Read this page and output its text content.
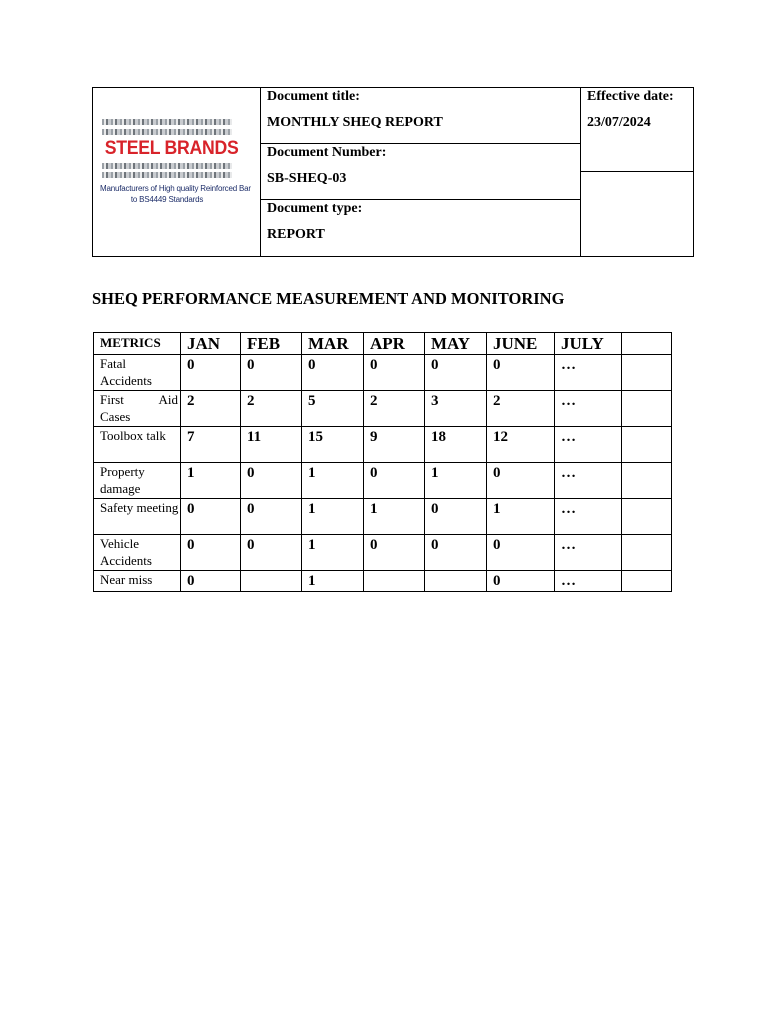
STEEL BRANDS
Manufacturers of High quality Reinforced Bar
to BS4449 Standards
Document title:
MONTHLY SHEQ REPORT
Document Number:
SB-SHEQ-03
Document type:
REPORT
Effective date:
23/07/2024
SHEQ PERFORMANCE MEASUREMENT AND MONITORING
METRICS	JAN	FEB	MAR	APR	MAY	JUNE	JULY	
Fatal Accidents	0	0	0	0	0	0	…	
First Aid Cases	2	2	5	2	3	2	…	
Toolbox talk	7	11	15	9	18	12	…	
Property damage	1	0	1	0	1	0	…	
Safety meeting	0	0	1	1	0	1	…	
Vehicle Accidents	0	0	1	0	0	0	…	
Near miss	0		1			0	…	
